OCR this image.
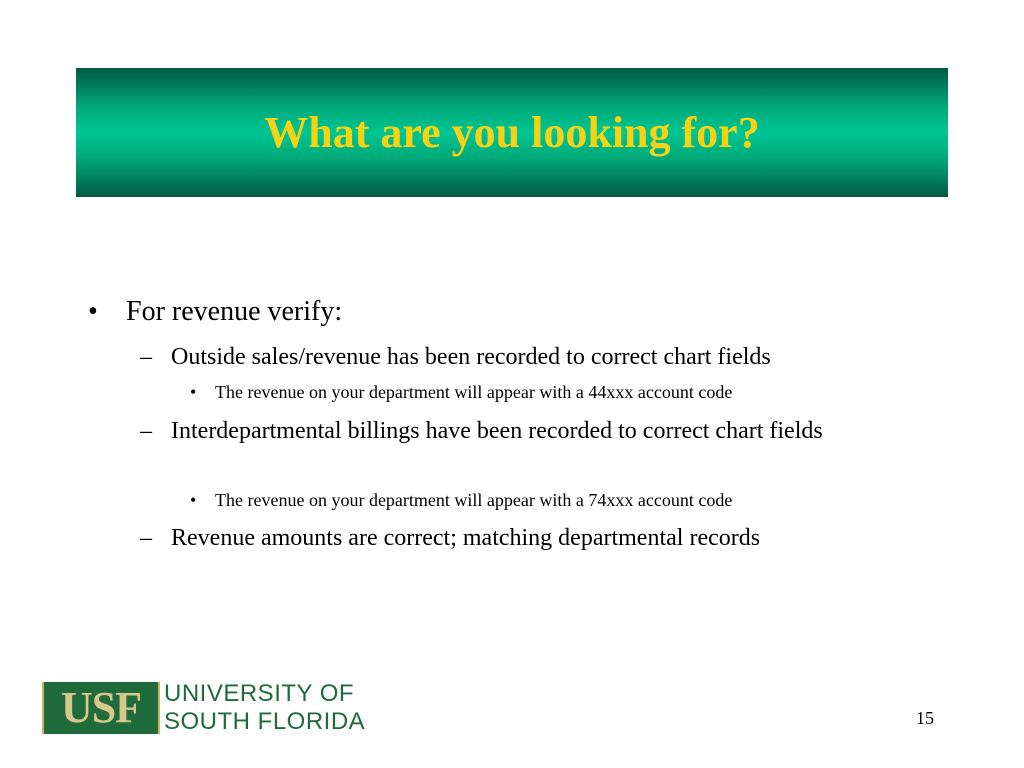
What are you looking for?
•	For revenue verify:
– Outside sales/revenue has been recorded to correct chart fields
•	The revenue on your department will appear with a 44xxx account code
– Interdepartmental billings have been recorded to correct chart fields
•	The revenue on your department will appear with a 74xxx account code
– Revenue amounts are correct; matching departmental records
USF UNIVERSITY OF
SOUTH FLORIDA	15
